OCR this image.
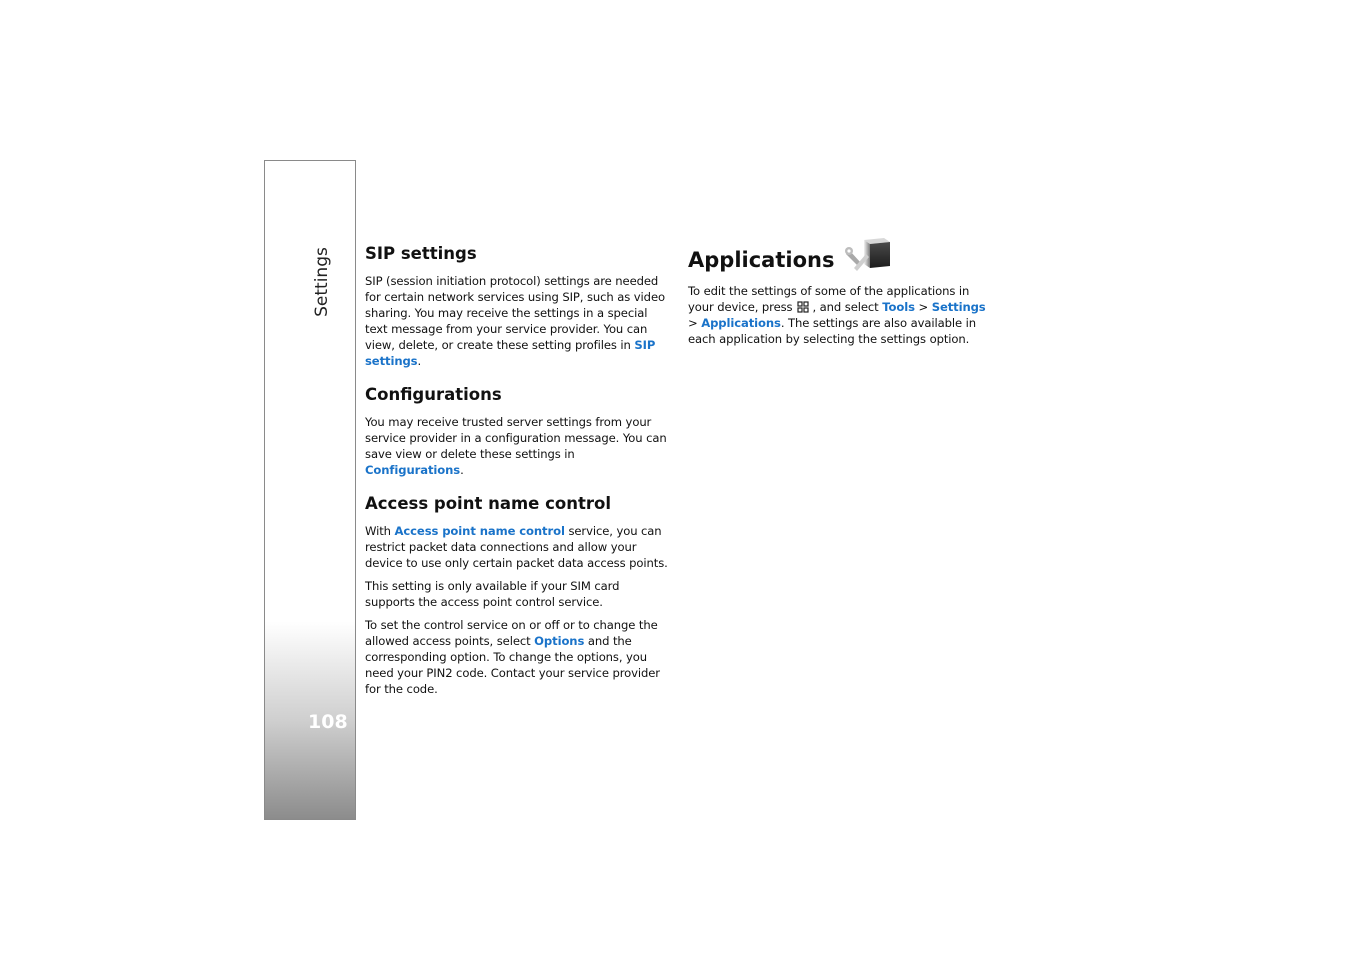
Settings
108
SIP settings

SIP (session initiation protocol) settings are needed for certain network services using SIP, such as video sharing. You may receive the settings in a special text message from your service provider. You can view, delete, or create these setting profiles in SIP settings.

Configurations

You may receive trusted server settings from your service provider in a configuration message. You can save view or delete these settings in Configurations.

Access point name control

With Access point name control service, you can restrict packet data connections and allow your device to use only certain packet data access points.

This setting is only available if your SIM card supports the access point control service.

To set the control service on or off or to change the allowed access points, select Options and the corresponding option. To change the options, you need your PIN2 code. Contact your service provider for the code.

Applications

To edit the settings of some of the applications in your device, press , and select Tools > Settings > Applications. The settings are also available in each application by selecting the settings option.
